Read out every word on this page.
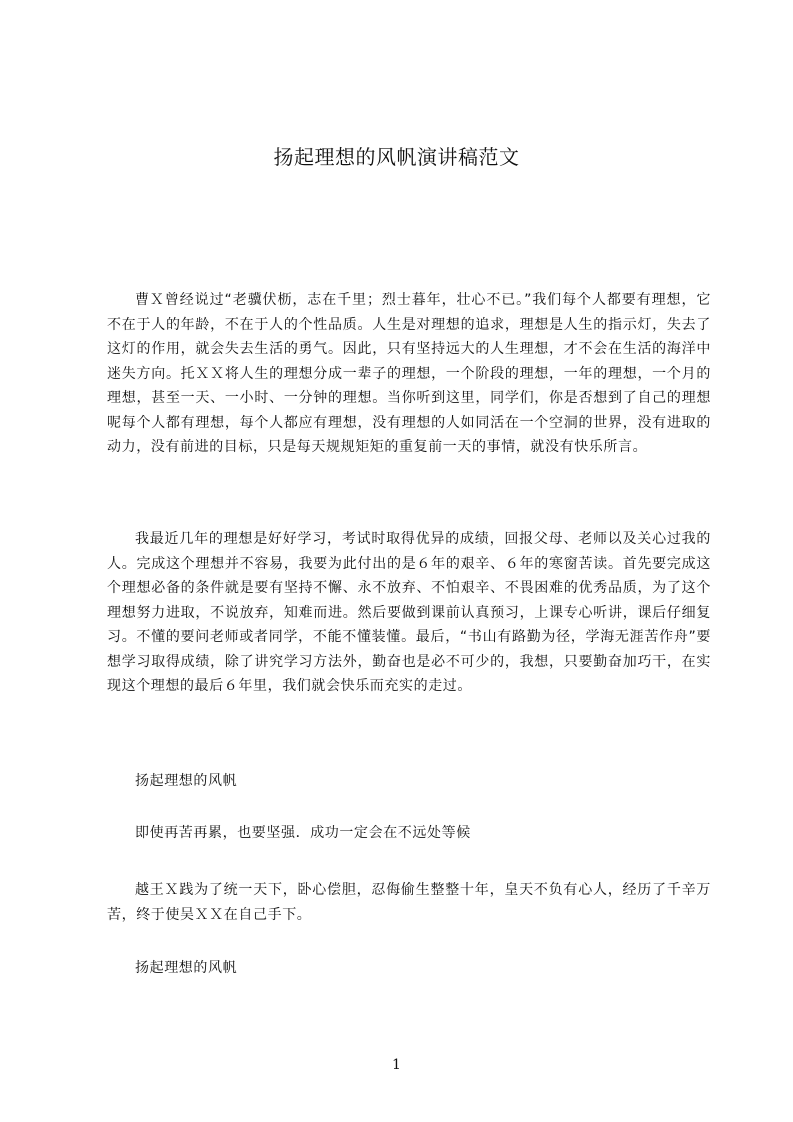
扬起理想的风帆演讲稿范文
曹Ｘ曾经说过“老骥伏枥，志在千里；烈士暮年，壮心不已。”我们每个人都要有理想，它不在于人的年龄，不在于人的个性品质。人生是对理想的追求，理想是人生的指示灯，失去了这灯的作用，就会失去生活的勇气。因此，只有坚持远大的人生理想，才不会在生活的海洋中迷失方向。托ＸＸ将人生的理想分成一辈子的理想，一个阶段的理想，一年的理想，一个月的理想，甚至一天、一小时、一分钟的理想。当你听到这里，同学们，你是否想到了自己的理想呢每个人都有理想，每个人都应有理想，没有理想的人如同活在一个空洞的世界，没有进取的动力，没有前进的目标，只是每天规规矩矩的重复前一天的事情，就没有快乐所言。
我最近几年的理想是好好学习，考试时取得优异的成绩，回报父母、老师以及关心过我的人。完成这个理想并不容易，我要为此付出的是６年的艰辛、６年的寒窗苦读。首先要完成这个理想必备的条件就是要有坚持不懈、永不放弃、不怕艰辛、不畏困难的优秀品质，为了这个理想努力进取，不说放弃，知难而进。然后要做到课前认真预习，上课专心听讲，课后仔细复习。不懂的要问老师或者同学，不能不懂装懂。最后，“书山有路勤为径，学海无涯苦作舟”要想学习取得成绩，除了讲究学习方法外，勤奋也是必不可少的，我想，只要勤奋加巧干，在实现这个理想的最后６年里，我们就会快乐而充实的走过。
扬起理想的风帆
即使再苦再累，也要坚强．成功一定会在不远处等候
越王Ｘ践为了统一天下，卧心偿胆，忍侮偷生整整十年，皇天不负有心人，经历了千辛万苦，终于使吴ＸＸ在自己手下。
扬起理想的风帆
1
